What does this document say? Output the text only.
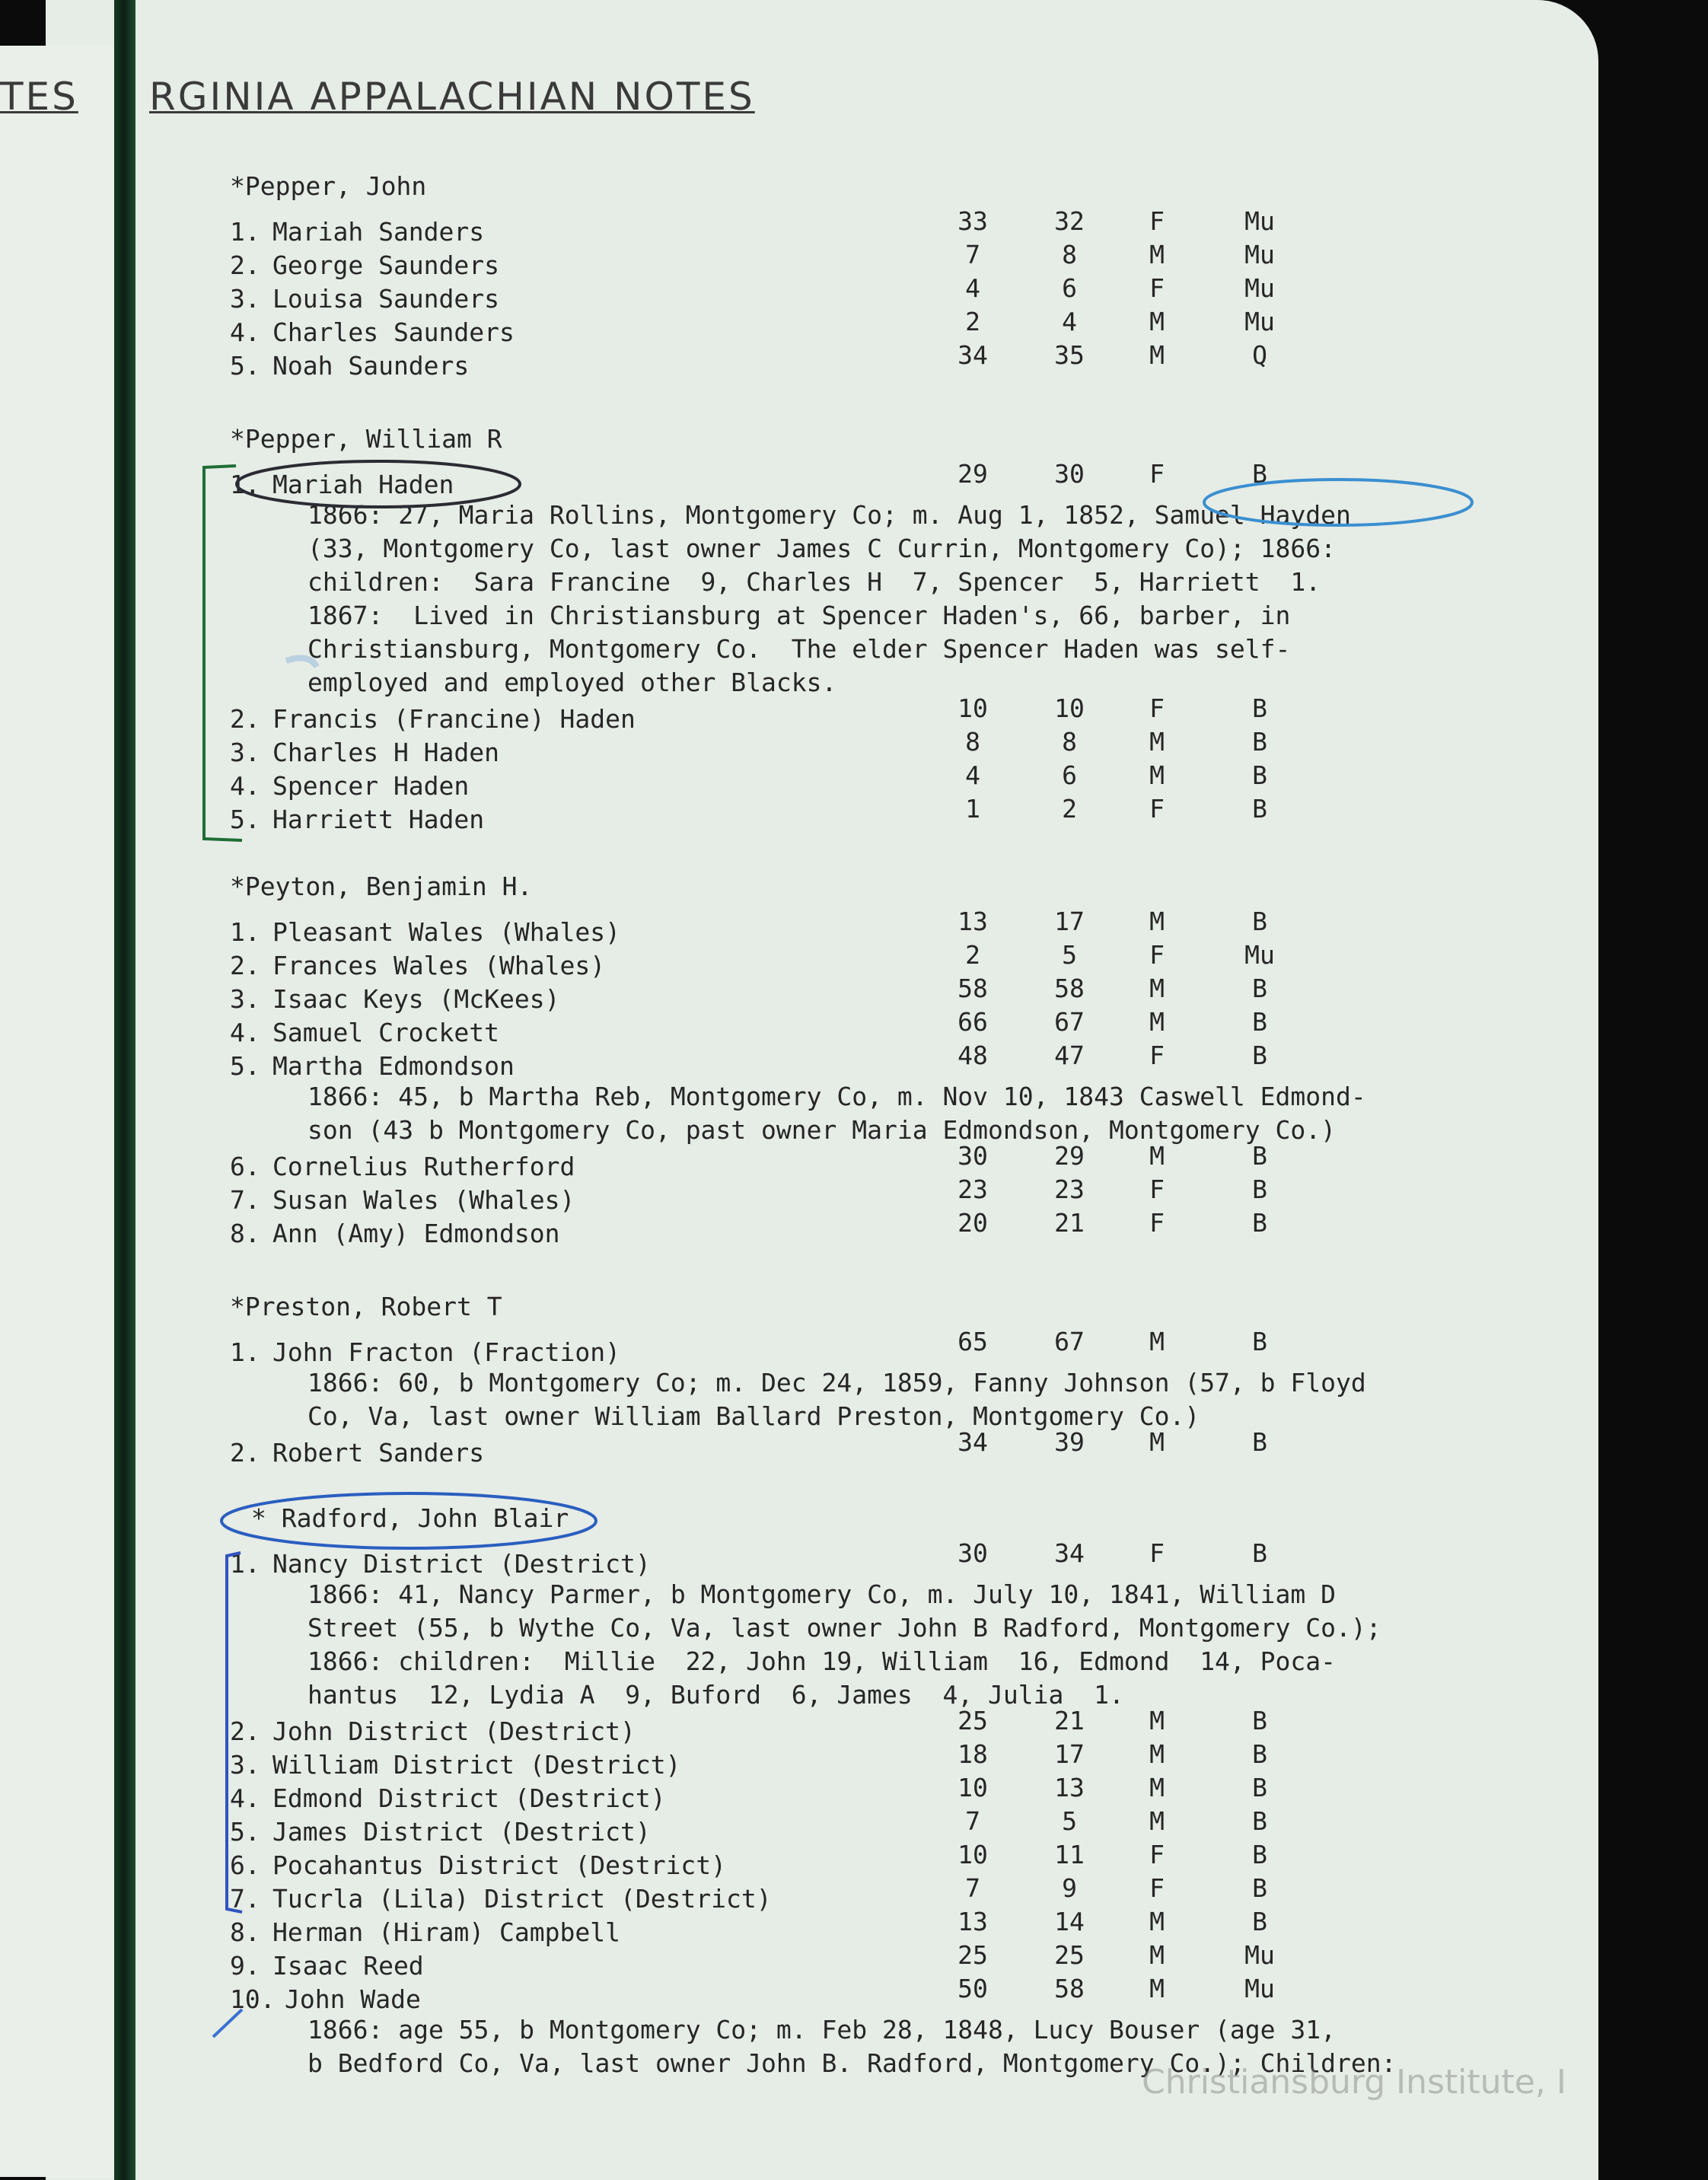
TES RGINIA APPALACHIAN NOTES
*Pepper, John
1. Mariah Sanders	33	32	F	Mu
2. George Saunders	7	8	M	Mu
3. Louisa Saunders	4	6	F	Mu
4. Charles Saunders	2	4	M	Mu
5. Noah Saunders	34	35	M	Q
*Pepper, William R
1. Mariah Haden	29	30	F	B
1866: 27, Maria Rollins, Montgomery Co; m. Aug 1, 1852, Samuel Hayden
(33, Montgomery Co, last owner James C Currin, Montgomery Co); 1866:
children:  Sara Francine  9, Charles H  7, Spencer  5, Harriett  1.
1867:  Lived in Christiansburg at Spencer Haden's, 66, barber, in
Christiansburg, Montgomery Co.  The elder Spencer Haden was self-
employed and employed other Blacks.
2. Francis (Francine) Haden	10	10	F	B
3. Charles H Haden	8	8	M	B
4. Spencer Haden	4	6	M	B
5. Harriett Haden	1	2	F	B
*Peyton, Benjamin H.
1. Pleasant Wales (Whales)	13	17	M	B
2. Frances Wales (Whales)	2	5	F	Mu
3. Isaac Keys (McKees)	58	58	M	B
4. Samuel Crockett	66	67	M	B
5. Martha Edmondson	48	47	F	B
1866: 45, b Martha Reb, Montgomery Co, m. Nov 10, 1843 Caswell Edmond-
son (43 b Montgomery Co, past owner Maria Edmondson, Montgomery Co.)
6. Cornelius Rutherford	30	29	M	B
7. Susan Wales (Whales)	23	23	F	B
8. Ann (Amy) Edmondson	20	21	F	B
*Preston, Robert T
1. John Fracton (Fraction)	65	67	M	B
1866: 60, b Montgomery Co; m. Dec 24, 1859, Fanny Johnson (57, b Floyd
Co, Va, last owner William Ballard Preston, Montgomery Co.)
2. Robert Sanders	34	39	M	B
* Radford, John Blair
1. Nancy District (Destrict)	30	34	F	B
1866: 41, Nancy Parmer, b Montgomery Co, m. July 10, 1841, William D
Street (55, b Wythe Co, Va, last owner John B Radford, Montgomery Co.);
1866: children:  Millie  22, John 19, William  16, Edmond  14, Poca-
hantus  12, Lydia A  9, Buford  6, James  4, Julia  1.
2. John District (Destrict)	25	21	M	B
3. William District (Destrict)	18	17	M	B
4. Edmond District (Destrict)	10	13	M	B
5. James District (Destrict)	7	5	M	B
6. Pocahantus District (Destrict)	10	11	F	B
7. Tucrla (Lila) District (Destrict)	7	9	F	B
8. Herman (Hiram) Campbell	13	14	M	B
9. Isaac Reed	25	25	M	Mu
10. John Wade	50	58	M	Mu
1866: age 55, b Montgomery Co; m. Feb 28, 1848, Lucy Bouser (age 31,
b Bedford Co, Va, last owner John B. Radford, Montgomery Co.); Children:
Christiansburg Institute, I
